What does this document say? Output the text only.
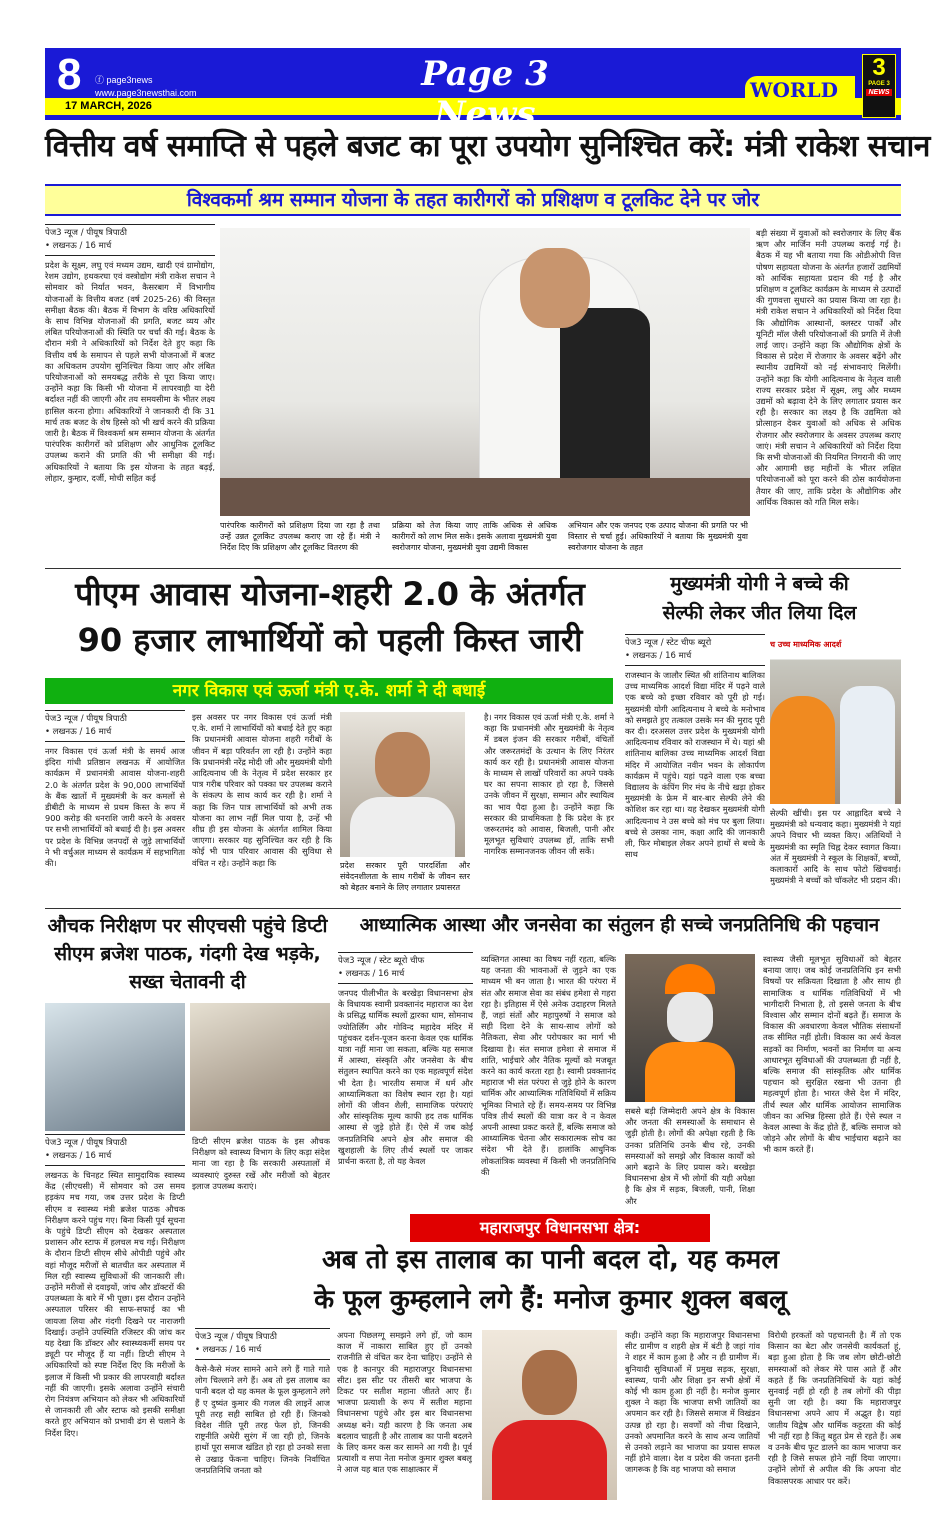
8 ⓕ page3news
www.page3newsthai.com
17 MARCH, 2026
Page 3 News
WORLD
3
PAGE 3
NEWS
वित्तीय वर्ष समाप्ति से पहले बजट का पूरा उपयोग सुनिश्चित करें: मंत्री राकेश सचान
विश्वकर्मा श्रम सम्मान योजना के तहत कारीगरों को प्रशिक्षण व टूलकिट देने पर जोर
पेज3 न्यूज / पीयूष त्रिपाठी
• लखनऊ / 16 मार्च
प्रदेश के सूक्ष्म, लघु एवं मध्यम उद्यम, खादी एवं ग्रामोद्योग, रेशम उद्योग, हथकरघा एवं वस्त्रोद्योग मंत्री राकेश सचान ने सोमवार को निर्यात भवन, कैसरबाग में विभागीय योजनाओं के वित्तीय बजट (वर्ष 2025-26) की विस्तृत समीक्षा बैठक की। बैठक में विभाग के वरिष्ठ अधिकारियों के साथ विभिन्न योजनाओं की प्रगति, बजट व्यय और लंबित परियोजनाओं की स्थिति पर चर्चा की गई। बैठक के दौरान मंत्री ने अधिकारियों को निर्देश देते हुए कहा कि वित्तीय वर्ष के समापन से पहले सभी योजनाओं में बजट का अधिकतम उपयोग सुनिश्चित किया जाए और लंबित परियोजनाओं को समयबद्ध तरीके से पूरा किया जाए। उन्होंने कहा कि किसी भी योजना में लापरवाही या देरी बर्दाश्त नहीं की जाएगी और तय समयसीमा के भीतर लक्ष्य हासिल करना होगा। अधिकारियों ने जानकारी दी कि 31 मार्च तक बजट के शेष हिस्से को भी खर्च करने की प्रक्रिया जारी है। बैठक में विश्वकर्मा श्रम सम्मान योजना के अंतर्गत पारंपरिक कारीगरों को प्रशिक्षण और आधुनिक टूलकिट उपलब्ध कराने की प्रगति की भी समीक्षा की गई। अधिकारियों ने बताया कि इस योजना के तहत बढ़ई, लोहार, कुम्हार, दर्जी, मोची सहित कई
पारंपरिक कारीगरों को प्रशिक्षण दिया जा रहा है तथा उन्हें उन्नत टूलकिट उपलब्ध कराए जा रहे हैं। मंत्री ने निर्देश दिए कि प्रशिक्षण और टूलकिट वितरण की
प्रक्रिया को तेज किया जाए ताकि अधिक से अधिक कारीगरों को लाभ मिल सके। इसके अलावा मुख्यमंत्री युवा स्वरोजगार योजना, मुख्यमंत्री युवा उद्यमी विकास
अभियान और एक जनपद एक उत्पाद योजना की प्रगति पर भी विस्तार से चर्चा हुई। अधिकारियों ने बताया कि मुख्यमंत्री युवा स्वरोजगार योजना के तहत
बड़ी संख्या में युवाओं को स्वरोजगार के लिए बैंक ऋण और मार्जिन मनी उपलब्ध कराई गई है। बैठक में यह भी बताया गया कि ओडीओपी वित्त पोषण सहायता योजना के अंतर्गत हजारों उद्यमियों को आर्थिक सहायता प्रदान की गई है और प्रशिक्षण व टूलकिट कार्यक्रम के माध्यम से उत्पादों की गुणवत्ता सुधारने का प्रयास किया जा रहा है। मंत्री राकेश सचान ने अधिकारियों को निर्देश दिया कि औद्योगिक आस्थानों, क्लस्टर पार्कों और यूनिटी मॉल जैसी परियोजनाओं की प्रगति में तेजी लाई जाए। उन्होंने कहा कि औद्योगिक क्षेत्रों के विकास से प्रदेश में रोजगार के अवसर बढ़ेंगे और स्थानीय उद्यमियों को नई संभावनाएं मिलेंगी। उन्होंने कहा कि योगी आदित्यनाथ के नेतृत्व वाली राज्य सरकार प्रदेश में सूक्ष्म, लघु और मध्यम उद्यमों को बढ़ावा देने के लिए लगातार प्रयास कर रही है। सरकार का लक्ष्य है कि उद्यमिता को प्रोत्साहन देकर युवाओं को अधिक से अधिक रोजगार और स्वरोजगार के अवसर उपलब्ध कराए जाएं। मंत्री सचान ने अधिकारियों को निर्देश दिया कि सभी योजनाओं की नियमित निगरानी की जाए और आगामी छह महीनों के भीतर लक्षित परियोजनाओं को पूरा करने की ठोस कार्ययोजना तैयार की जाए, ताकि प्रदेश के औद्योगिक और आर्थिक विकास को गति मिल सके।
पीएम आवास योजना-शहरी 2.0 के अंतर्गत
90 हजार लाभार्थियों को पहली किस्त जारी
नगर विकास एवं ऊर्जा मंत्री ए.के. शर्मा ने दी बधाई
पेज3 न्यूज / पीयूष त्रिपाठी
• लखनऊ / 16 मार्च
नगर विकास एवं ऊर्जा मंत्री के समर्थ आज इंदिरा गांधी प्रतिष्ठान लखनऊ में आयोजित कार्यक्रम में प्रधानमंत्री आवास योजना-शहरी 2.0 के अंतर्गत प्रदेश के 90,000 लाभार्थियों के बैंक खातों में मुख्यमंत्री के कर कमलों से डीबीटी के माध्यम से प्रथम किस्त के रूप में 900 करोड़ की धनराशि जारी करने के अवसर पर सभी लाभार्थियों को बधाई दी है। इस अवसर पर प्रदेश के विभिन्न जनपदों से जुड़े लाभार्थियों ने भी वर्चुअल माध्यम से कार्यक्रम में सहभागिता की।
इस अवसर पर नगर विकास एवं ऊर्जा मंत्री ए.के. शर्मा ने लाभार्थियों को बधाई देते हुए कहा कि प्रधानमंत्री आवास योजना शहरी गरीबों के जीवन में बड़ा परिवर्तन ला रही है। उन्होंने कहा कि प्रधानमंत्री नरेंद्र मोदी जी और मुख्यमंत्री योगी आदित्यनाथ जी के नेतृत्व में प्रदेश सरकार हर पात्र गरीब परिवार को पक्का घर उपलब्ध कराने के संकल्प के साथ कार्य कर रही है। शर्मा ने कहा कि जिन पात्र लाभार्थियों को अभी तक योजना का लाभ नहीं मिल पाया है, उन्हें भी शीघ्र ही इस योजना के अंतर्गत शामिल किया जाएगा। सरकार यह सुनिश्चित कर रही है कि कोई भी पात्र परिवार आवास की सुविधा से वंचित न रहे। उन्होंने कहा कि	प्रदेश सरकार पूरी पारदर्शिता और संवेदनशीलता के साथ गरीबों के जीवन स्तर को बेहतर बनाने के लिए लगातार प्रयासरत
है। नगर विकास एवं ऊर्जा मंत्री ए.के. शर्मा ने कहा कि प्रधानमंत्री और मुख्यमंत्री के नेतृत्व में डबल इंजन की सरकार गरीबों, वंचितों और जरूरतमंदों के उत्थान के लिए निरंतर कार्य कर रही है। प्रधानमंत्री आवास योजना के माध्यम से लाखों परिवारों का अपने पक्के घर का सपना साकार हो रहा है, जिससे उनके जीवन में सुरक्षा, सम्मान और स्थायित्व का भाव पैदा हुआ है। उन्होंने कहा कि सरकार की प्राथमिकता है कि प्रदेश के हर जरूरतमंद को आवास, बिजली, पानी और मूलभूत सुविधाएं उपलब्ध हों, ताकि सभी नागरिक सम्मानजनक जीवन जी सकें।
मुख्यमंत्री योगी ने बच्चे की
सेल्फी लेकर जीत लिया दिल
पेज3 न्यूज / स्टेट चीफ ब्यूरो
• लखनऊ / 16 मार्च
राजस्थान के जालौर स्थित श्री शांतिनाथ बालिका उच्च माध्यमिक आदर्श विद्या मंदिर में पढ़ने वाले एक बच्चे को इच्छा रविवार को पूरी हो गई। मुख्यमंत्री योगी आदित्यनाथ ने बच्चे के मनोभाव को समझते हुए तत्काल उसके मन की मुराद पूरी कर दी। दरअसल उत्तर प्रदेश के मुख्यमंत्री योगी आदित्यनाथ रविवार को राजस्थान में थे। यहां श्री शांतिनाथ बालिका उच्च माध्यमिक आदर्श विद्या मंदिर में आयोजित नवीन भवन के लोकार्पण कार्यक्रम में पहुंचे। यहां पढ़ने वाला एक बच्चा विद्यालय के कंपिंग गिर मंच के नीचे खड़ा होकर मुख्यमंत्री के फ्रेम में बार-बार सेल्फी लेने की कोशिश कर रहा था। यह देखकर मुख्यमंत्री योगी आदित्यनाथ ने उस बच्चे को मंच पर बुला लिया। बच्चे से उसका नाम, कक्षा आदि की जानकारी ली, फिर मोबाइल लेकर अपने हाथों से बच्चे के साथ
च उच्च माध्यमिक आदर्श
सेल्फी खींची। इस पर आह्लादित बच्चे ने मुख्यमंत्री को धन्यवाद कहा। मुख्यमंत्री ने यहां अपने विचार भी व्यक्त किए। अतिथियों ने मुख्यमंत्री का स्मृति चिह्न देकर स्वागत किया। अंत में मुख्यमंत्री ने स्कूल के शिक्षकों, बच्चों, कलाकारों आदि के साथ फोटो खिंचवाई। मुख्यमंत्री ने बच्चों को चॉकलेट भी प्रदान की।
औचक निरीक्षण पर सीएचसी पहुंचे डिप्टी सीएम ब्रजेश पाठक, गंदगी देख भड़के, सख्त चेतावनी दी
पेज3 न्यूज / पीयूष त्रिपाठी
• लखनऊ / 16 मार्च
लखनऊ के चिनहट स्थित सामुदायिक स्वास्थ्य केंद्र (सीएचसी) में सोमवार को उस समय हड़कंप मच गया, जब उत्तर प्रदेश के डिप्टी सीएम व स्वास्थ्य मंत्री ब्रजेश पाठक औचक निरीक्षण करने पहुंच गए। बिना किसी पूर्व सूचना के पहुंचे डिप्टी सीएम को देखकर अस्पताल प्रशासन और स्टाफ में हलचल मच गई। निरीक्षण के दौरान डिप्टी सीएम सीधे ओपीडी पहुंचे और वहां मौजूद मरीजों से बातचीत कर अस्पताल में मिल रही स्वास्थ्य सुविधाओं की जानकारी ली। उन्होंने मरीजों से दवाइयों, जांच और डॉक्टरों की उपलब्धता के बारे में भी पूछा। इस दौरान उन्होंने अस्पताल परिसर की साफ-सफाई का भी जायजा लिया और गंदगी दिखने पर नाराजगी दिखाई। उन्होंने उपस्थिति रजिस्टर की जांच कर यह देखा कि डॉक्टर और स्वास्थ्यकर्मी समय पर ड्यूटी पर मौजूद हैं या नहीं। डिप्टी सीएम ने अधिकारियों को स्पष्ट निर्देश दिए कि मरीजों के इलाज में किसी भी प्रकार की लापरवाही बर्दाश्त नहीं की जाएगी। इसके अलावा उन्होंने संचारी रोग नियंत्रण अभियान को लेकर भी अधिकारियों से जानकारी ली और स्टाफ को इसकी समीक्षा करते हुए अभियान को प्रभावी ढंग से चलाने के निर्देश दिए।
डिप्टी सीएम ब्रजेश पाठक के इस औचक निरीक्षण को स्वास्थ्य विभाग के लिए कड़ा संदेश माना जा रहा है कि सरकारी अस्पतालों में व्यवस्थाएं दुरुस्त रखें और मरीजों को बेहतर इलाज उपलब्ध कराएं।
आध्यात्मिक आस्था और जनसेवा का संतुलन ही सच्चे जनप्रतिनिधि की पहचान
पेज3 न्यूज / स्टेट ब्यूरो चीफ
• लखनऊ / 16 मार्च
जनपद पीलीभीत के बरखेड़ा विधानसभा क्षेत्र के विधायक स्वामी प्रवक्तानंद महाराज का देश के प्रसिद्ध धार्मिक स्थलों द्वारका धाम, सोमनाथ ज्योतिर्लिंग और गोविन्द महादेव मंदिर में पहुंचकर दर्शन-पूजन करना केवल एक धार्मिक यात्रा नहीं माना जा सकता, बल्कि यह समाज में आस्था, संस्कृति और जनसेवा के बीच संतुलन स्थापित करने का एक महत्वपूर्ण संदेश भी देता है। भारतीय समाज में धर्म और आध्यात्मिकता का विशेष स्थान रहा है। यहां लोगों की जीवन शैली, सामाजिक परंपराएं और सांस्कृतिक मूल्य काफी हद तक धार्मिक आस्था से जुड़े होते हैं। ऐसे में जब कोई जनप्रतिनिधि अपने क्षेत्र और समाज की खुशहाली के लिए तीर्थ स्थलों पर जाकर प्रार्थना करता है, तो यह केवल
व्यक्तिगत आस्था का विषय नहीं रहता, बल्कि यह जनता की भावनाओं से जुड़ने का एक माध्यम भी बन जाता है। भारत की परंपरा में संत और समाज सेवा का संबंध हमेशा से गहरा रहा है। इतिहास में ऐसे अनेक उदाहरण मिलते हैं, जहां संतों और महापुरुषों ने समाज को सही दिशा देने के साथ-साथ लोगों को नैतिकता, सेवा और परोपकार का मार्ग भी दिखाया है। संत समाज हमेशा से समाज में शांति, भाईचारे और नैतिक मूल्यों को मजबूत करने का कार्य करता रहा है। स्वामी प्रवक्तानंद महाराज भी संत परंपरा से जुड़े होने के कारण धार्मिक और आध्यात्मिक गतिविधियों में सक्रिय भूमिका निभाते रहे हैं। समय-समय पर विभिन्न पवित्र तीर्थ स्थलों की यात्रा कर वे न केवल अपनी आस्था प्रकट करते हैं, बल्कि समाज को आध्यात्मिक चेतना और सकारात्मक सोच का संदेश भी देते हैं। हालांकि आधुनिक लोकतांत्रिक व्यवस्था में किसी भी जनप्रतिनिधि की
सबसे बड़ी जिम्मेदारी अपने क्षेत्र के विकास और जनता की समस्याओं के समाधान से जुड़ी होती है। लोगों की अपेक्षा रहती है कि उनका प्रतिनिधि उनके बीच रहे, उनकी समस्याओं को समझे और विकास कार्यों को आगे बढ़ाने के लिए प्रयास करे। बरखेड़ा विधानसभा क्षेत्र में भी लोगों की यही अपेक्षा है कि क्षेत्र में सड़क, बिजली, पानी, शिक्षा और
स्वास्थ्य जैसी मूलभूत सुविधाओं को बेहतर बनाया जाए। जब कोई जनप्रतिनिधि इन सभी विषयों पर सक्रियता दिखाता है और साथ ही सामाजिक व धार्मिक गतिविधियों में भी भागीदारी निभाता है, तो इससे जनता के बीच विश्वास और सम्मान दोनों बढ़ते हैं। समाज के विकास की अवधारणा केवल भौतिक संसाधनों तक सीमित नहीं होती। विकास का अर्थ केवल सड़कों का निर्माण, भवनों का निर्माण या अन्य आधारभूत सुविधाओं की उपलब्धता ही नहीं है, बल्कि समाज की सांस्कृतिक और धार्मिक पहचान को सुरक्षित रखना भी उतना ही महत्वपूर्ण होता है। भारत जैसे देश में मंदिर, तीर्थ स्थल और धार्मिक आयोजन सामाजिक जीवन का अभिन्न हिस्सा होते हैं। ऐसे स्थल न केवल आस्था के केंद्र होते हैं, बल्कि समाज को जोड़ने और लोगों के बीच भाईचारा बढ़ाने का भी काम करते हैं।
महाराजपुर विधानसभा क्षेत्र:
अब तो इस तालाब का पानी बदल दो, यह कमल
के फूल कुम्हलाने लगे हैं: मनोज कुमार शुक्ल बबलू
पेज3 न्यूज / पीयूष त्रिपाठी
• लखनऊ / 16 मार्च
कैसे-कैसे मंजर सामने आने लगे हैं गाते गाते लोग चिल्लाने लगे हैं। अब तो इस तालाब का पानी बदल दो यह कमल के फूल कुम्हलाने लगे हैं ए दुष्यंत कुमार की गजल की लाइनें आज पूरी तरह सही साबित हो रही हैं। जिनको विदेश नीति पूरी तरह फेल हो, जिनकी राष्ट्रनीति अधेरी सुरंग में जा रही हो, जिनके हाथों पूरा समाज खंडित हो रहा हो उनको सत्ता से उखाड़ फेंकना चाहिए। जिनके निर्वाचित जनप्रतिनिधि जनता को
अपना पिछलग्गू समझने लगे हों, जो काम काज में नाकारा साबित हुए हों उनको राजनीति से वंचित कर देना चाहिए। उन्होंने से एक है कानपुर की महाराजपुर विधानसभा सीट। इस सीट पर तीसरी बार भाजपा के टिकट पर सतीश महाना जीतते आए हैं। भाजपा प्रत्याशी के रूप में सतीश महाना विधानसभा पहुंचे और इस बार विधानसभा अध्यक्ष बने। यही कारण है कि जनता अब बदलाव चाहती है और तालाब का पानी बदलने के लिए कमर कस कर सामने आ गयी है। पूर्व प्रत्याशी व सपा नेता मनोज कुमार शुक्ल बबलू ने आज यह बात एक साक्षात्कार में
कही। उन्होंने कहा कि महाराजपुर विधानसभा सीट ग्रामीण व शहरी क्षेत्र में बंटी है जहां गांव ने शहर में काम हुआ है और न ही ग्रामीण में। बुनियादी सुविधाओं में प्रमुख सड़क, सुरक्षा, स्वास्थ्य, पानी और शिक्षा इन सभी क्षेत्रों में कोई भी काम हुआ ही नहीं है। मनोज कुमार शुक्ल ने कहा कि भाजपा सभी जातियों का अपमान कर रही है। जिससे समाज में विखंडन उत्पन्न हो रहा है। सवर्णों को नीचा दिखाने, उनको अपमानित करने के साथ अन्य जातियों से उनको लड़ाने का भाजपा का प्रयास सफल नहीं होने वाला। देश व प्रदेश की जनता इतनी जागरूक है कि वह भाजपा को समाज
विरोधी हरकतों को पहचानती है। मैं तो एक किसान का बेटा और जनसेवी कार्यकर्ता हूं, बड़ा हुआ होता है कि जब लोग छोटी-छोटी समस्याओं को लेकर मेरे पास आते हैं और कहते हैं कि जनप्रतिनिधियों के यहां कोई सुनवाई नहीं हो रही है तब लोगों की पीड़ा सुनी जा रही है। क्या कि महाराजपुर विधानसभा अपने आप में अद्भुत है। यहां जातीय विद्वेष और धार्मिक कट्टरता की कोई भी नहीं रहा है किंतु बहुत प्रेम से रहते हैं। अब व उनके बीच फूट डालने का काम भाजपा कर रही है जिसे सफल होने नहीं दिया जाएगा। उन्होंने लोगों से अपील की कि अपना वोट विकासपरक आधार पर करें।
